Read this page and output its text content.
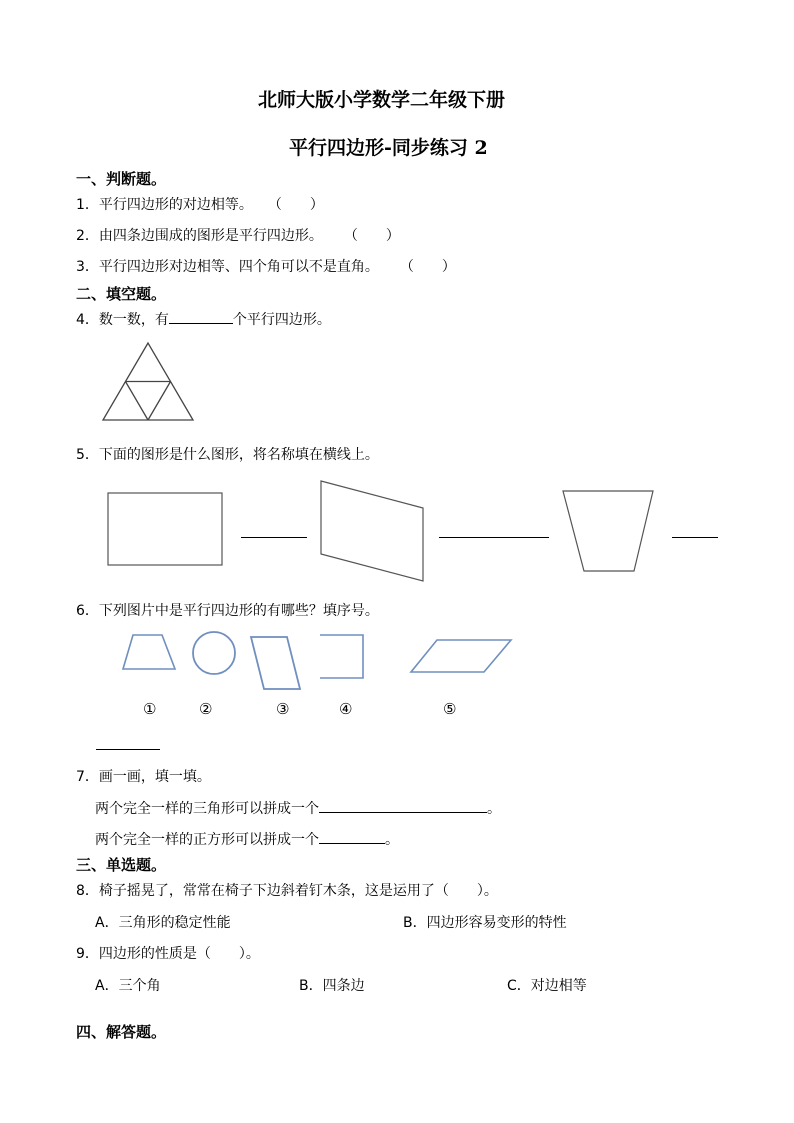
北师大版小学数学二年级下册
平行四边形-同步练习 2
一、判断题。
1．平行四边形的对边相等。 （　　）
2．由四条边围成的图形是平行四边形。 （　　）
3．平行四边形对边相等、四个角可以不是直角。 （　　）
二、填空题。
4．数一数，有	个平行四边形。
5．下面的图形是什么图形，将名称填在横线上。
6．下列图片中是平行四边形的有哪些？填序号。
①	②	③	④	⑤
7．画一画，填一填。
两个完全一样的三角形可以拼成一个	。
两个完全一样的正方形可以拼成一个	。
三、单选题。
8．椅子摇晃了，常常在椅子下边斜着钉木条，这是运用了（　　）。
A．三角形的稳定性能	B．四边形容易变形的特性
9．四边形的性质是（　　）。
A．三个角	B．四条边	C．对边相等
四、解答题。
